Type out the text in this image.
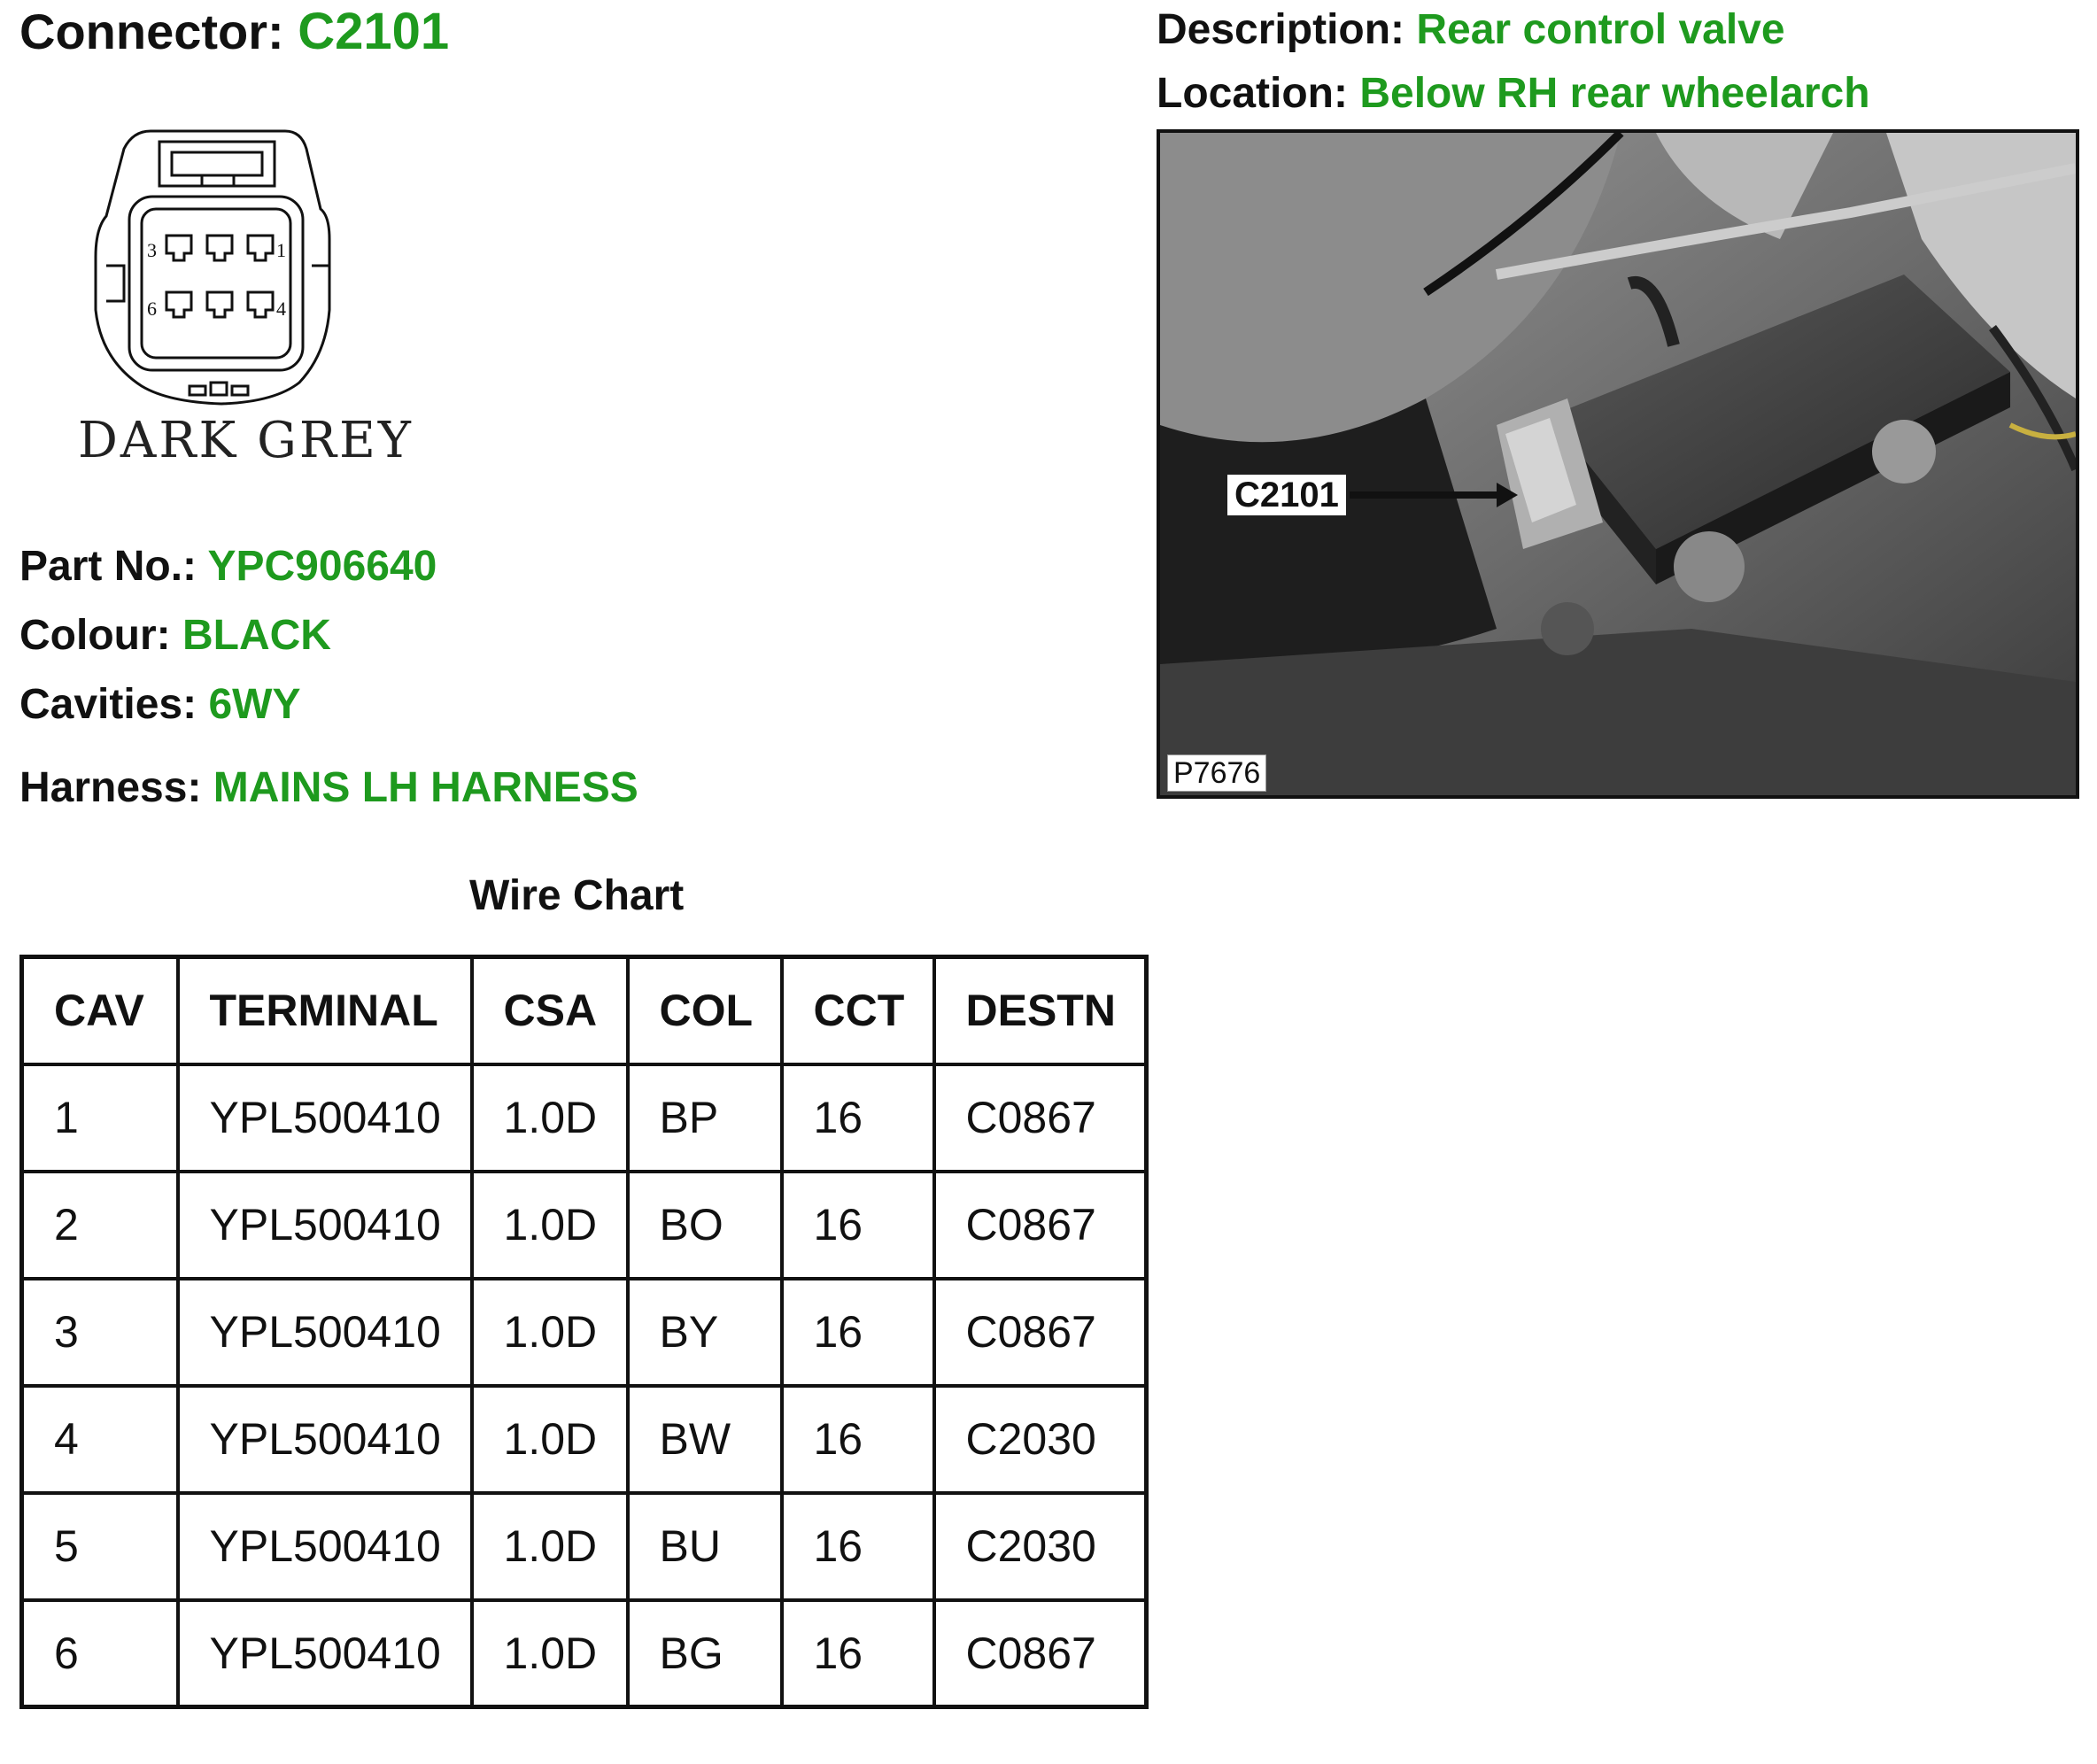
Connector: C2101	Description: Rear control valve
Location: Below RH rear wheelarch
3	1
6	4
DARK GREY
C2101
P7676
Part No.: YPC906640
Colour: BLACK
Cavities: 6WY
Harness: MAINS LH HARNESS
Wire Chart
CAV	TERMINAL	CSA	COL	CCT	DESTN
1	YPL500410	1.0D	BP	16	C0867
2	YPL500410	1.0D	BO	16	C0867
3	YPL500410	1.0D	BY	16	C0867
4	YPL500410	1.0D	BW	16	C2030
5	YPL500410	1.0D	BU	16	C2030
6	YPL500410	1.0D	BG	16	C0867
